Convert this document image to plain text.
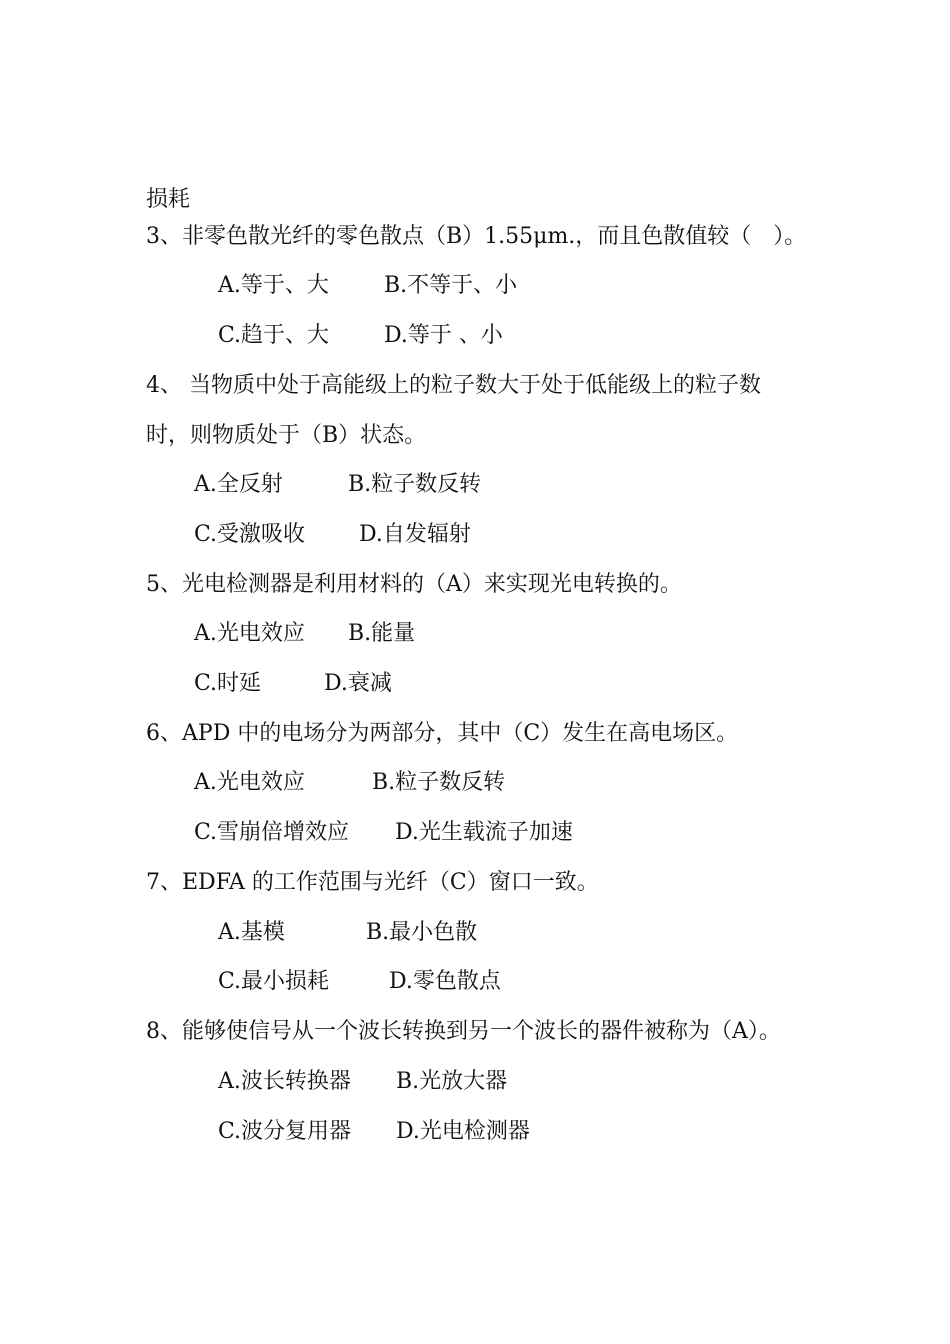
损耗
3、非零色散光纤的零色散点（B）1.55μm.，而且色散值较（　）。
A.等于、大	B.不等于、小
C.趋于、大 D.等于 、小
4、 当物质中处于高能级上的粒子数大于处于低能级上的粒子数
时，则物质处于（B）状态。
A.全反射	B.粒子数反转
C.受激吸收 D.自发辐射
5、光电检测器是利用材料的（A）来实现光电转换的。
A.光电效应 B.能量
C.时延	D.衰减
6、APD 中的电场分为两部分，其中（C）发生在高电场区。
A.光电效应	B.粒子数反转
C.雪崩倍增效应 D.光生载流子加速
7、EDFA 的工作范围与光纤（C）窗口一致。
A.基模	B.最小色散
C.最小损耗	D.零色散点
8、能够使信号从一个波长转换到另一个波长的器件被称为（A）。
A.波长转换器 B.光放大器
C.波分复用器 D.光电检测器
